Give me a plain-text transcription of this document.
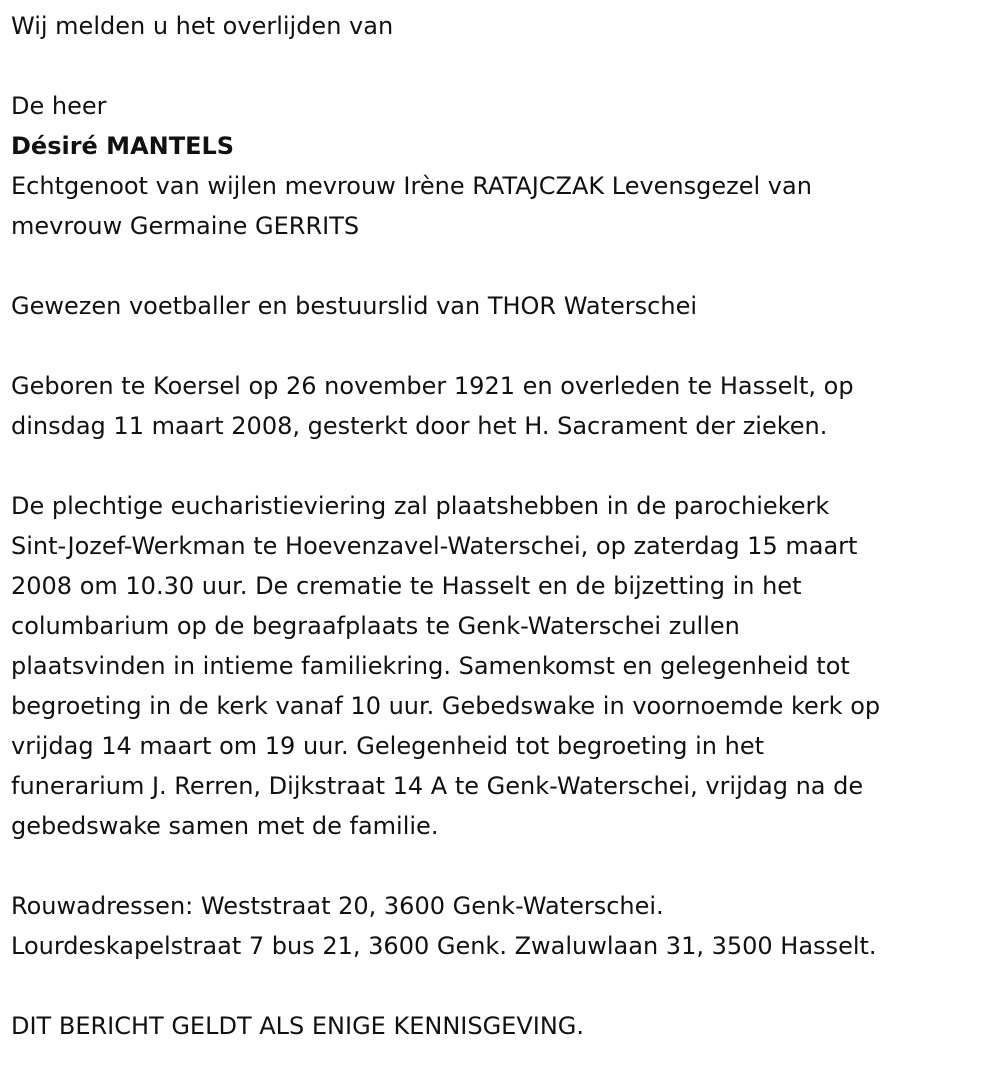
Wij melden u het overlijden van
De heer
Désiré MANTELS
Echtgenoot van wijlen mevrouw Irène RATAJCZAK Levensgezel van
mevrouw Germaine GERRITS
Gewezen voetballer en bestuurslid van THOR Waterschei
Geboren te Koersel op 26 november 1921 en overleden te Hasselt, op
dinsdag 11 maart 2008, gesterkt door het H. Sacrament der zieken.
De plechtige eucharistieviering zal plaatshebben in de parochiekerk
Sint-Jozef-Werkman te Hoevenzavel-Waterschei, op zaterdag 15 maart
2008 om 10.30 uur. De crematie te Hasselt en de bijzetting in het
columbarium op de begraafplaats te Genk-Waterschei zullen
plaatsvinden in intieme familiekring. Samenkomst en gelegenheid tot
begroeting in de kerk vanaf 10 uur. Gebedswake in voornoemde kerk op
vrijdag 14 maart om 19 uur. Gelegenheid tot begroeting in het
funerarium J. Rerren, Dijkstraat 14 A te Genk-Waterschei, vrijdag na de
gebedswake samen met de familie.
Rouwadressen: Weststraat 20, 3600 Genk-Waterschei.
Lourdeskapelstraat 7 bus 21, 3600 Genk. Zwaluwlaan 31, 3500 Hasselt.
DIT BERICHT GELDT ALS ENIGE KENNISGEVING.
